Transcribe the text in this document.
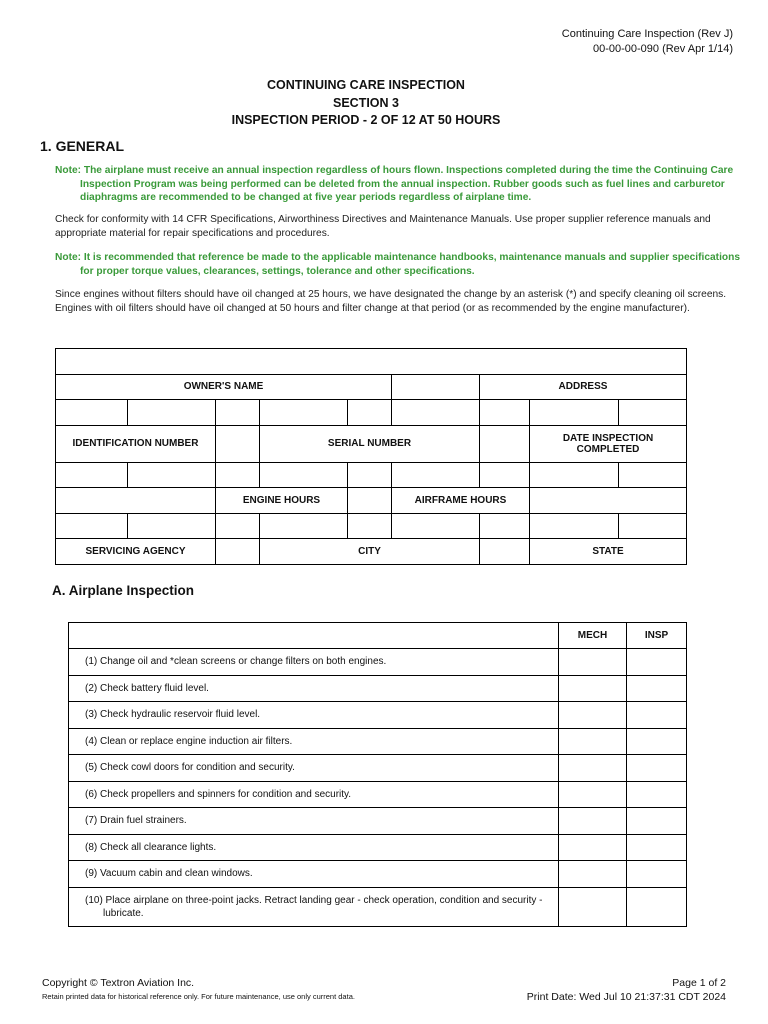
Continuing Care Inspection (Rev J)
00-00-00-090 (Rev Apr 1/14)
CONTINUING CARE INSPECTION
SECTION 3
INSPECTION PERIOD - 2 OF 12 AT 50 HOURS
1. GENERAL
Note: The airplane must receive an annual inspection regardless of hours flown. Inspections completed during the time the Continuing Care Inspection Program was being performed can be deleted from the annual inspection. Rubber goods such as fuel lines and carburetor diaphragms are recommended to be changed at five year periods regardless of airplane time.
Check for conformity with 14 CFR Specifications, Airworthiness Directives and Maintenance Manuals. Use proper supplier reference manuals and appropriate material for repair specifications and procedures.
Note: It is recommended that reference be made to the applicable maintenance handbooks, maintenance manuals and supplier specifications for proper torque values, clearances, settings, tolerance and other specifications.
Since engines without filters should have oil changed at 25 hours, we have designated the change by an asterisk (*) and specify cleaning oil screens. Engines with oil filters should have oil changed at 50 hours and filter change at that period (or as recommended by the engine manufacturer).

OWNER'S NAME						ADDRESS		

IDENTIFICATION NUMBER			SERIAL NUMBER				DATE INSPECTION COMPLETED	

		ENGINE HOURS			AIRFRAME HOURS			

SERVICING AGENCY			CITY				STATE	
A. Airplane Inspection
	MECH	INSP

(1) Change oil and *clean screens or change filters on both engines.		

(2) Check battery fluid level.		

(3) Check hydraulic reservoir fluid level.		

(4) Clean or replace engine induction air filters.		

(5) Check cowl doors for condition and security.		

(6) Check propellers and spinners for condition and security.		

(7) Drain fuel strainers.		

(8) Check all clearance lights.		

(9) Vacuum cabin and clean windows.		

(10) Place airplane on three-point jacks. Retract landing gear - check operation, condition and security - lubricate.		

Copyright © Textron Aviation Inc.
Retain printed data for historical reference only. For future maintenance, use only current data.
Page 1 of 2
Print Date: Wed Jul 10 21:37:31 CDT 2024
